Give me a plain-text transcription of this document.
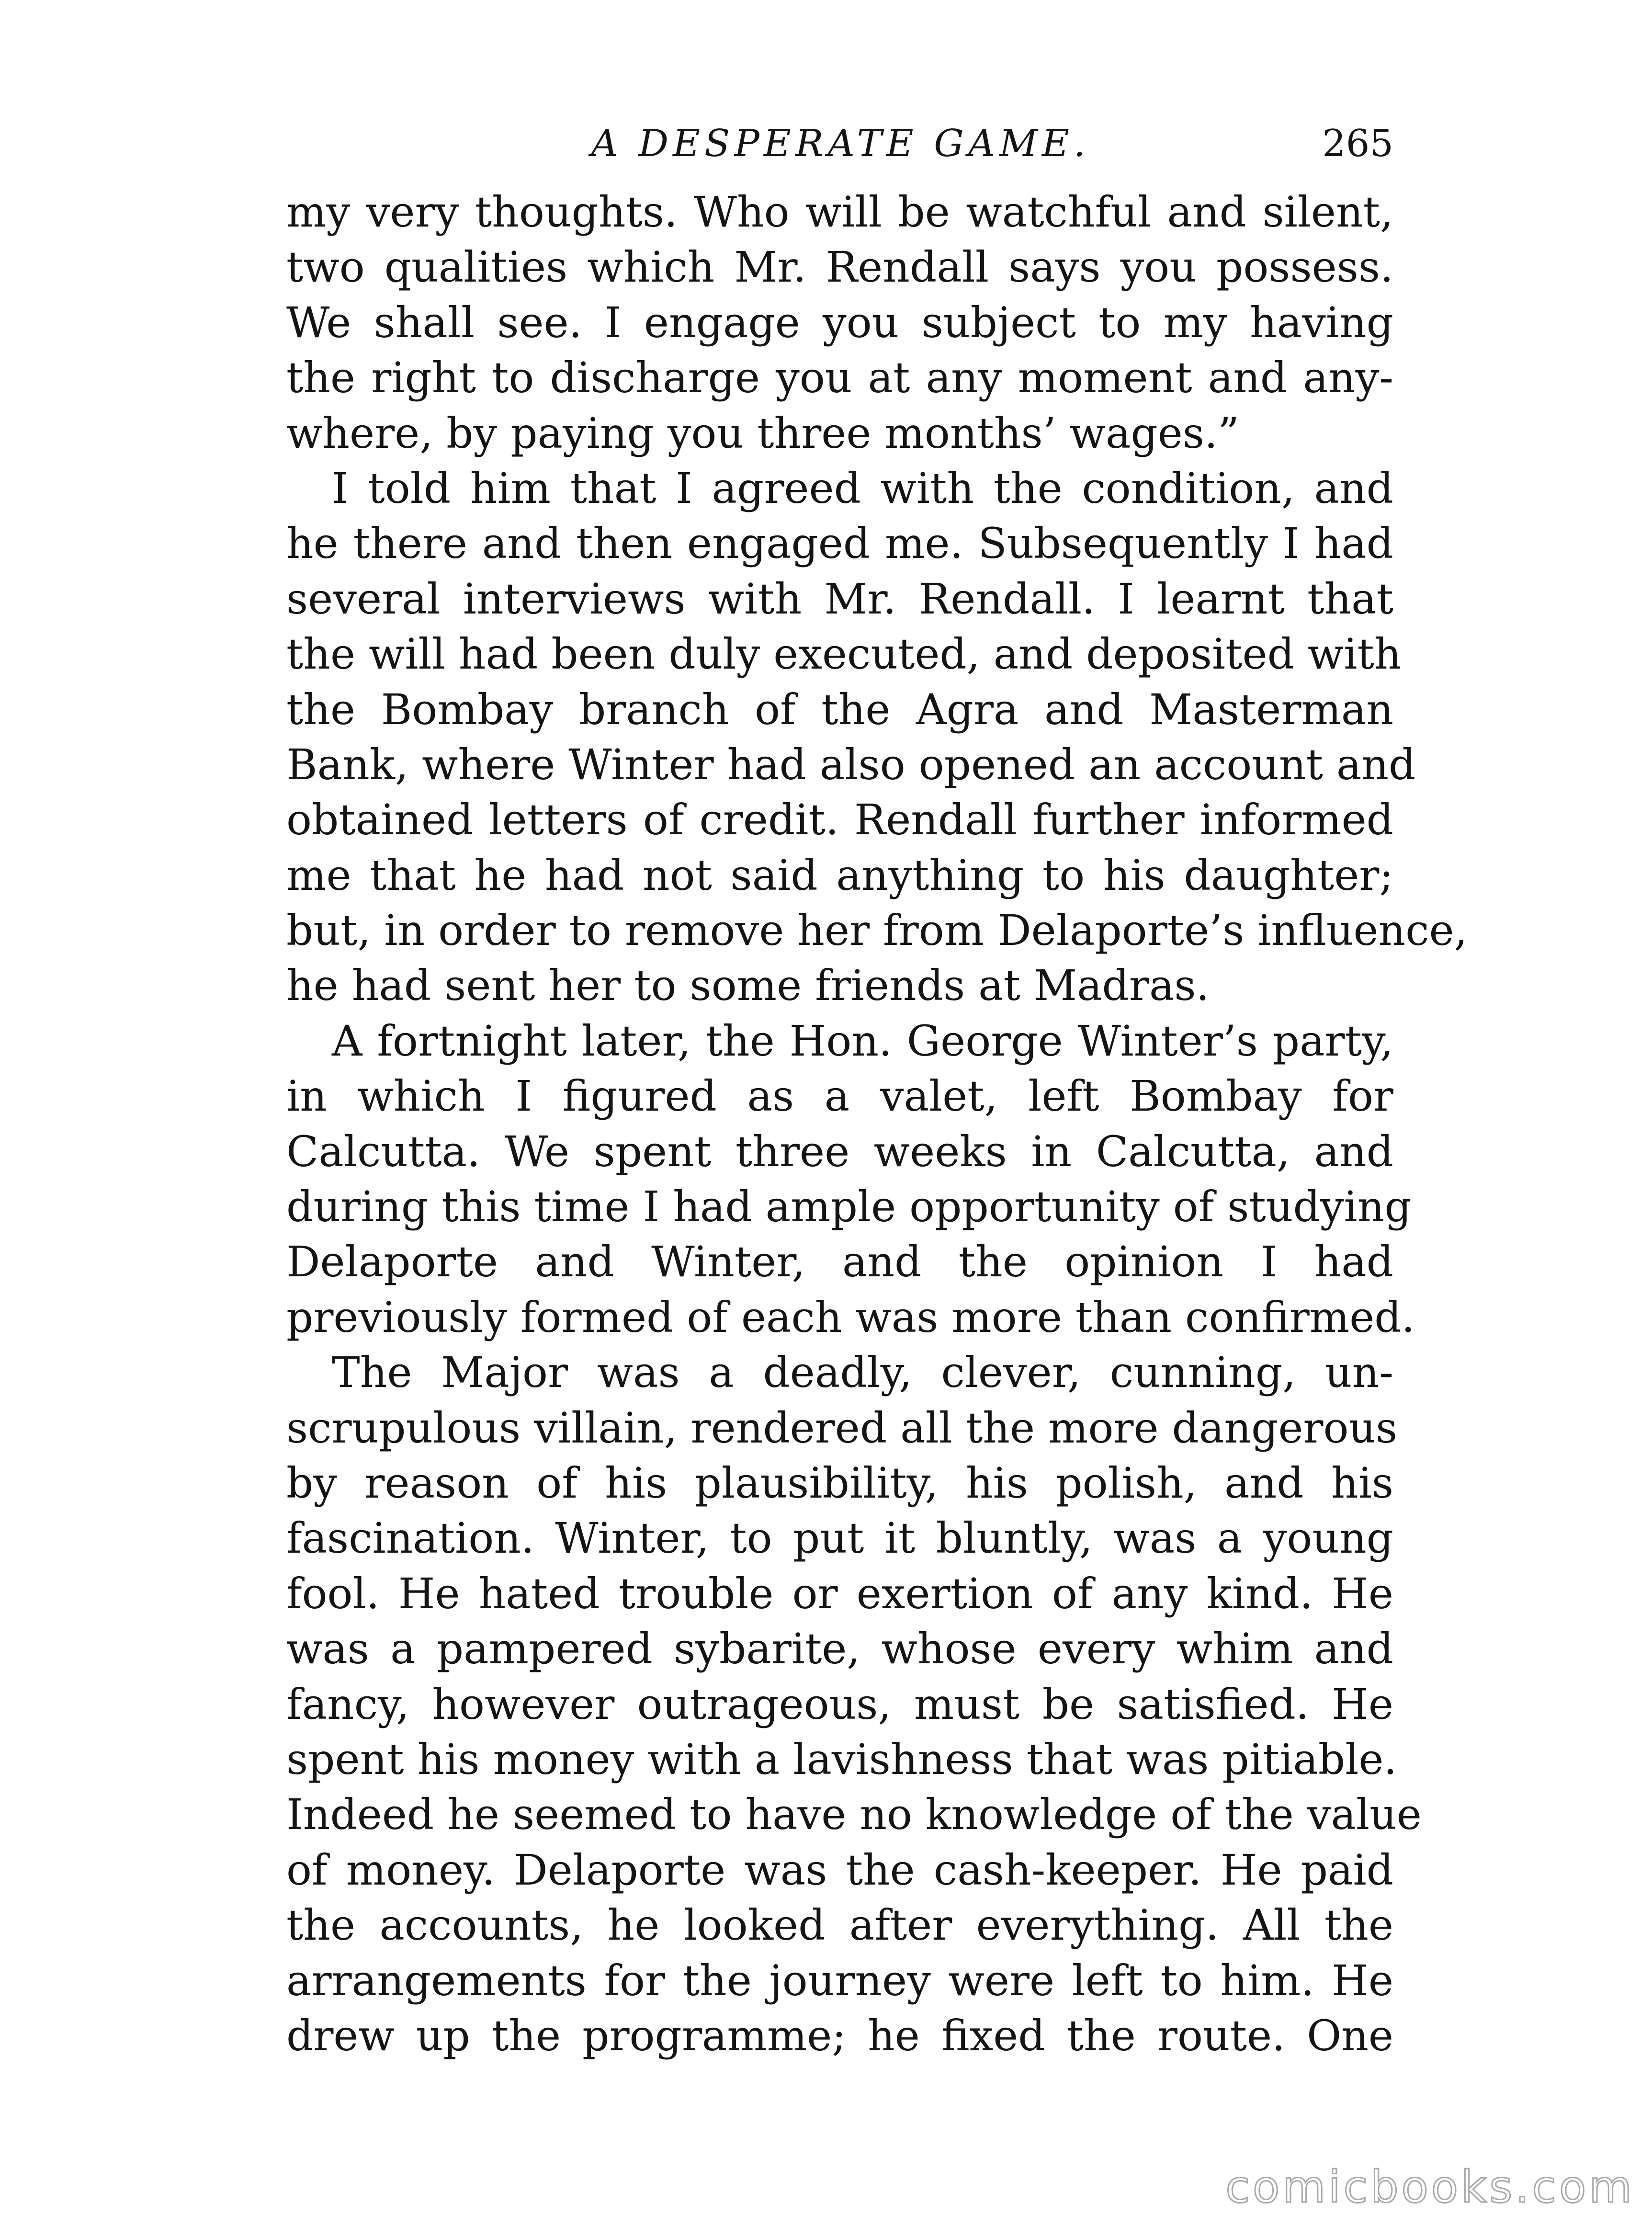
A DESPERATE GAME.	265
my very thoughts. Who will be watchful and silent,
two qualities which Mr. Rendall says you possess.
We shall see. I engage you subject to my having
the right to discharge you at any moment and any-
where, by paying you three months’ wages.”
I told him that I agreed with the condition, and
he there and then engaged me. Subsequently I had
several interviews with Mr. Rendall. I learnt that
the will had been duly executed, and deposited with
the Bombay branch of the Agra and Masterman
Bank, where Winter had also opened an account and
obtained letters of credit. Rendall further informed
me that he had not said anything to his daughter;
but, in order to remove her from Delaporte’s influence,
he had sent her to some friends at Madras.
A fortnight later, the Hon. George Winter’s party,
in which I figured as a valet, left Bombay for
Calcutta. We spent three weeks in Calcutta, and
during this time I had ample opportunity of studying
Delaporte and Winter, and the opinion I had
previously formed of each was more than confirmed.
The Major was a deadly, clever, cunning, un-
scrupulous villain, rendered all the more dangerous
by reason of his plausibility, his polish, and his
fascination. Winter, to put it bluntly, was a young
fool. He hated trouble or exertion of any kind. He
was a pampered sybarite, whose every whim and
fancy, however outrageous, must be satisfied. He
spent his money with a lavishness that was pitiable.
Indeed he seemed to have no knowledge of the value
of money. Delaporte was the cash-keeper. He paid
the accounts, he looked after everything. All the
arrangements for the journey were left to him. He
drew up the programme; he fixed the route. One
comicbooks.com
